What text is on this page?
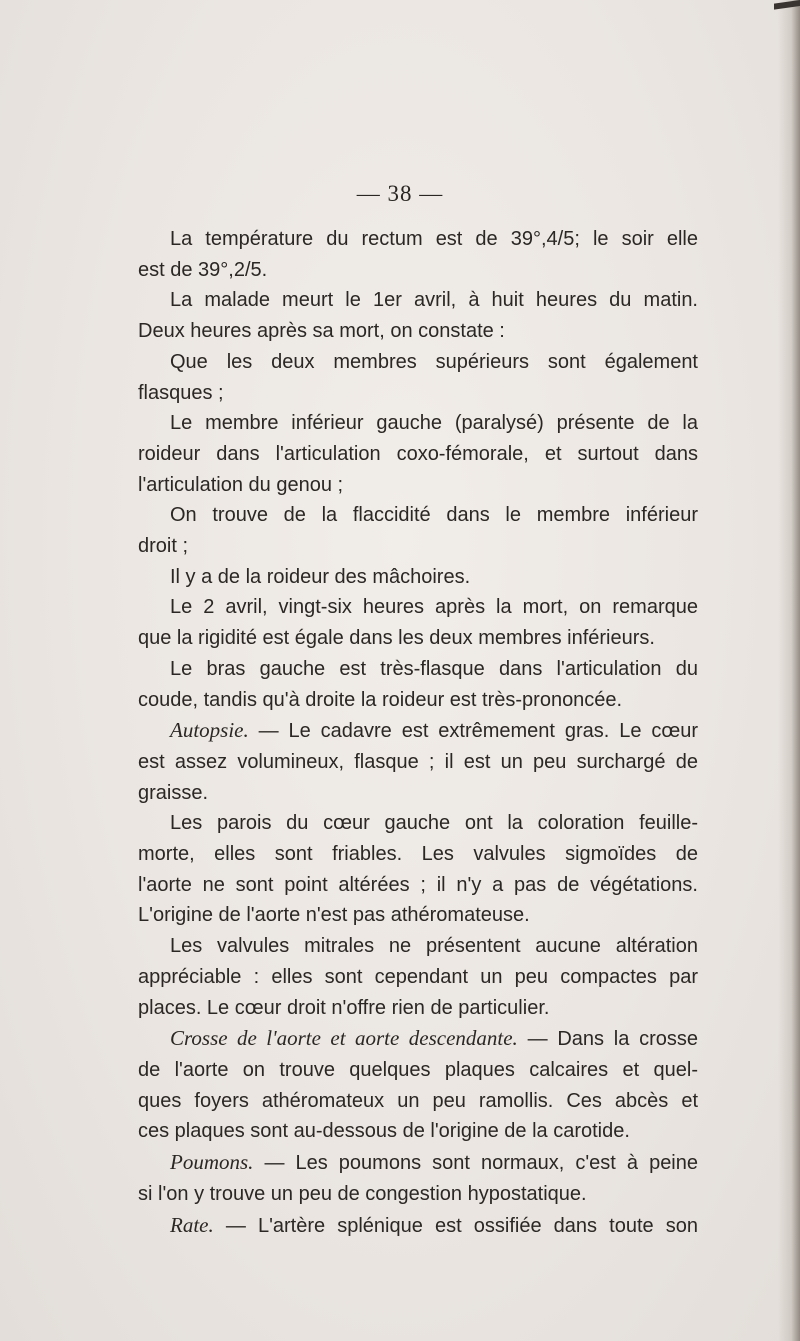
— 38 —
La température du rectum est de 39°,4/5; le soir elle
est de 39°,2/5.
La malade meurt le 1er avril, à huit heures du matin.
Deux heures après sa mort, on constate :
Que les deux membres supérieurs sont également
flasques ;
Le membre inférieur gauche (paralysé) présente de la
roideur dans l'articulation coxo-fémorale, et surtout dans
l'articulation du genou ;
On trouve de la flaccidité dans le membre inférieur
droit ;
Il y a de la roideur des mâchoires.
Le 2 avril, vingt-six heures après la mort, on remarque
que la rigidité est égale dans les deux membres inférieurs.
Le bras gauche est très-flasque dans l'articulation du
coude, tandis qu'à droite la roideur est très-prononcée.
Autopsie. — Le cadavre est extrêmement gras. Le cœur
est assez volumineux, flasque ; il est un peu surchargé de
graisse.
Les parois du cœur gauche ont la coloration feuille-
morte, elles sont friables. Les valvules sigmoïdes de
l'aorte ne sont point altérées ; il n'y a pas de végétations.
L'origine de l'aorte n'est pas athéromateuse.
Les valvules mitrales ne présentent aucune altération
appréciable : elles sont cependant un peu compactes par
places. Le cœur droit n'offre rien de particulier.
Crosse de l'aorte et aorte descendante. — Dans la crosse
de l'aorte on trouve quelques plaques calcaires et quel-
ques foyers athéromateux un peu ramollis. Ces abcès et
ces plaques sont au-dessous de l'origine de la carotide.
Poumons. — Les poumons sont normaux, c'est à peine
si l'on y trouve un peu de congestion hypostatique.
Rate. — L'artère splénique est ossifiée dans toute son
